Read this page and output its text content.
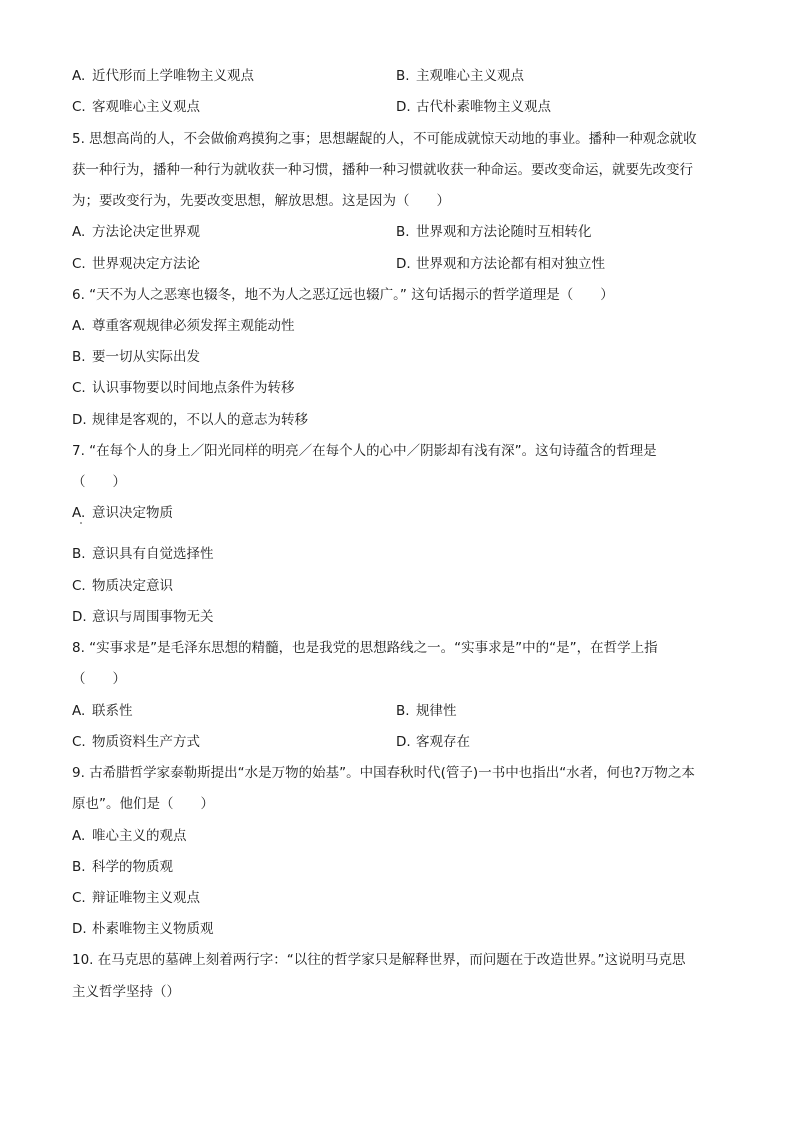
A. 近代形而上学唯物主义观点	B. 主观唯心主义观点
C. 客观唯心主义观点	D. 古代朴素唯物主义观点
5. 思想高尚的人，不会做偷鸡摸狗之事；思想龌龊的人，不可能成就惊天动地的事业。播种一种观念就收
获一种行为，播种一种行为就收获一种习惯，播种一种习惯就收获一种命运。要改变命运，就要先改变行
为；要改变行为，先要改变思想，解放思想。这是因为（　　）
A. 方法论决定世界观	B. 世界观和方法论随时互相转化
C. 世界观决定方法论	D. 世界观和方法论都有相对独立性
6. “天不为人之恶寒也辍冬，地不为人之恶辽远也辍广。” 这句话揭示的哲学道理是（　　）
A. 尊重客观规律必须发挥主观能动性
B. 要一切从实际出发
C. 认识事物要以时间地点条件为转移
D. 规律是客观的，不以人的意志为转移
7. “在每个人的身上／阳光同样的明亮／在每个人的心中／阴影却有浅有深”。这句诗蕴含的哲理是
（　　）
A. 意识决定物质
B. 意识具有自觉选择性
C. 物质决定意识
D. 意识与周围事物无关
8. “实事求是”是毛泽东思想的精髓，也是我党的思想路线之一。“实事求是”中的“是”，在哲学上指
（　　）
A. 联系性	B. 规律性
C. 物质资料生产方式	D. 客观存在
9. 古希腊哲学家泰勒斯提出“水是万物的始基”。中国春秋时代(管子)一书中也指出“水者，何也?万物之本
原也”。他们是（　　）
A. 唯心主义的观点
B. 科学的物质观
C. 辩证唯物主义观点
D. 朴素唯物主义物质观
10. 在马克思的墓碑上刻着两行字：“以往的哲学家只是解释世界，而问题在于改造世界。”这说明马克思
主义哲学坚持（）
